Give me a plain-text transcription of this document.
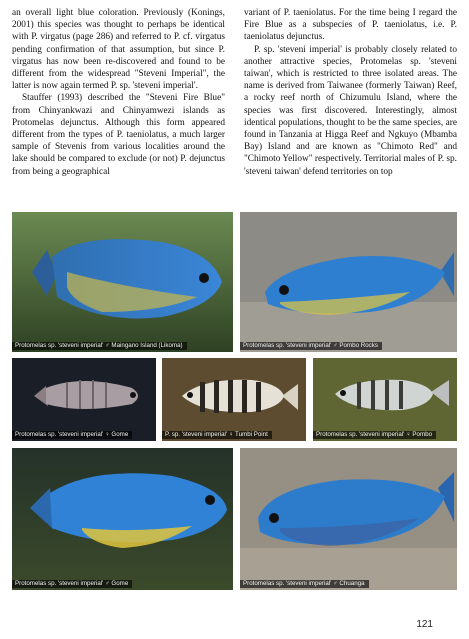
an overall light blue coloration. Previously (Konings, 2001) this species was thought to perhaps be identical with P. virgatus (page 286) and referred to P. cf. virgatus pending confirmation of that assumption, but since P. virgatus has now been re-discovered and found to be different from the widespread "Steveni Imperial", the latter is now again termed P. sp. 'steveni imperial'.

Stauffer (1993) described the "Steveni Fire Blue" from Chinyankwazi and Chinyamwezi islands as Protomelas dejunctus. Although this form appeared different from the types of P. taeniolatus, a much larger sample of Stevenis from various localities around the lake should be compared to exclude (or not) P. dejunctus from being a geographical

variant of P. taeniolatus. For the time being I regard the Fire Blue as a subspecies of P. taeniolatus, i.e. P. taeniolatus dejunctus.

P. sp. 'steveni imperial' is probably closely related to another attractive species, Protomelas sp. 'steveni taiwan', which is restricted to three isolated areas. The name is derived from Taiwanee (formerly Taiwan) Reef, a rocky reef north of Chizumulu Island, where the species was first discovered. Interestingly, almost identical populations, thought to be the same species, are found in Tanzania at Higga Reef and Ngkuyo (Mbamba Bay) Island and are known as "Chimoto Red" and "Chimoto Yellow" respectively. Territorial males of P. sp. 'steveni taiwan' defend territories on top

Protomelas sp. 'steveni imperial' ♂ Maingano Island (Likoma)	Protomelas sp. 'steveni imperial' ♂ Pombo Rocks
Protomelas sp. 'steveni imperial' ♀ Gome	P. sp. 'steveni imperial' ♀ Tumbi Point	Protomelas sp. 'steveni imperial' ♀ Pombo
Protomelas sp. 'steveni imperial' ♂ Gome	Protomelas sp. 'steveni imperial' ♂ Chuanga
121
